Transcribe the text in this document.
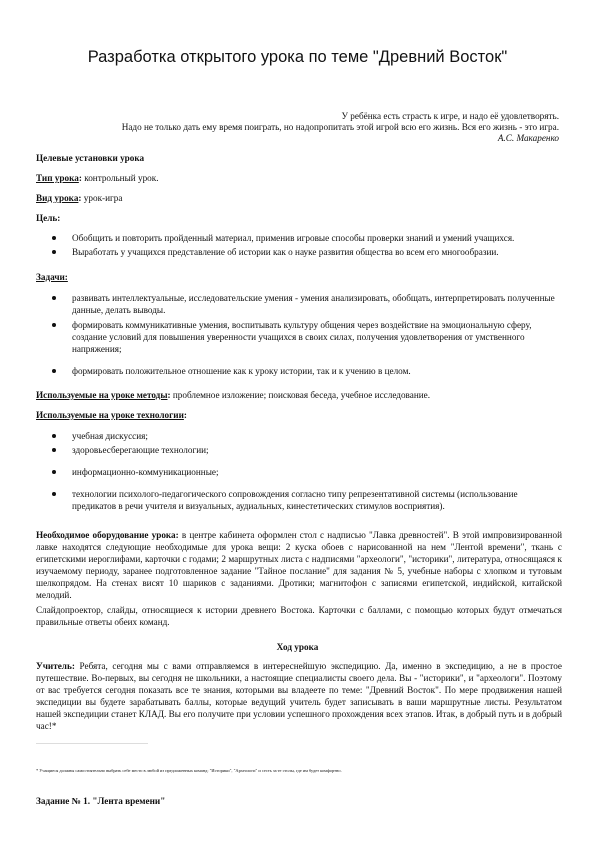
Разработка открытого урока по теме "Древний Восток"
У ребёнка есть страсть к игре, и надо её удовлетворять.
Надо не только дать ему время поиграть, но надопропитать этой игрой всю его жизнь. Вся его жизнь - это игра.
А.С. Макаренко
Целевые установки урока
Тип урока: контрольный урок.
Вид урока: урок-игра
Цель:
Обобщить и повторить пройденный материал, применив игровые способы проверки знаний и умений учащихся.
Выработать у учащихся представление об истории как о науке развития общества во всем его многообразии.
Задачи:
развивать интеллектуальные, исследовательские умения - умения анализировать, обобщать, интерпретировать полученные данные, делать выводы.
формировать коммуникативные умения, воспитывать культуру общения через воздействие на эмоциональную сферу, создание условий для повышения уверенности учащихся в своих силах, получения удовлетворения от умственного напряжения;
формировать положительное отношение как к уроку истории, так и к учению в целом.
Используемые на уроке методы: проблемное изложение; поисковая беседа, учебное исследование.
Используемые на уроке технологии:
учебная дискуссия;
здоровьесберегающие технологии;
информационно-коммуникационные;
технологии психолого-педагогического сопровождения согласно типу репрезентативной системы (использование предикатов в речи учителя и визуальных, аудиальных, кинестетических стимулов восприятия).
Необходимое оборудование урока: в центре кабинета оформлен стол с надписью "Лавка древностей". В этой импровизированной лавке находятся следующие необходимые для урока вещи: 2 куска обоев с нарисованной на нем "Лентой времени", ткань с египетскими иероглифами, карточки с годами; 2 маршрутных листа с надписями "археологи", "историки", литература, относящаяся к изучаемому периоду, заранее подготовленное задание "Тайное послание" для задания № 5, учебные наборы с хлопком и тутовым шелкопрядом. На стенах висят 10 шариков с заданиями. Дротики; магнитофон с записями египетской, индийской, китайской мелодий.
Слайдопроектор, слайды, относящиеся к истории древнего Востока. Карточки с баллами, с помощью которых будут отмечаться правильные ответы обеих команд.
Ход урока
Учитель: Ребята, сегодня мы с вами отправляемся в интереснейшую экспедицию. Да, именно в экспедицию, а не в простое путешествие. Во-первых, вы сегодня не школьники, а настоящие специалисты своего дела. Вы - "историки", и "археологи". Поэтому от вас требуется сегодня показать все те знания, которыми вы владеете по теме: "Древний Восток". По мере продвижения нашей экспедиции вы будете зарабатывать баллы, которые ведущий учитель будет записывать в ваши маршрутные листы. Результатом нашей экспедиции станет КЛАД. Вы его получите при условии успешного прохождения всех этапов. Итак, в добрый путь и в добрый час!*
* Учащиеся должны самостоятельно выбрать себе место в любой из предложенных команд: "Историки", "Археологи" и сесть за те столы, где им будет комфортно.
Задание № 1. "Лента времени"
